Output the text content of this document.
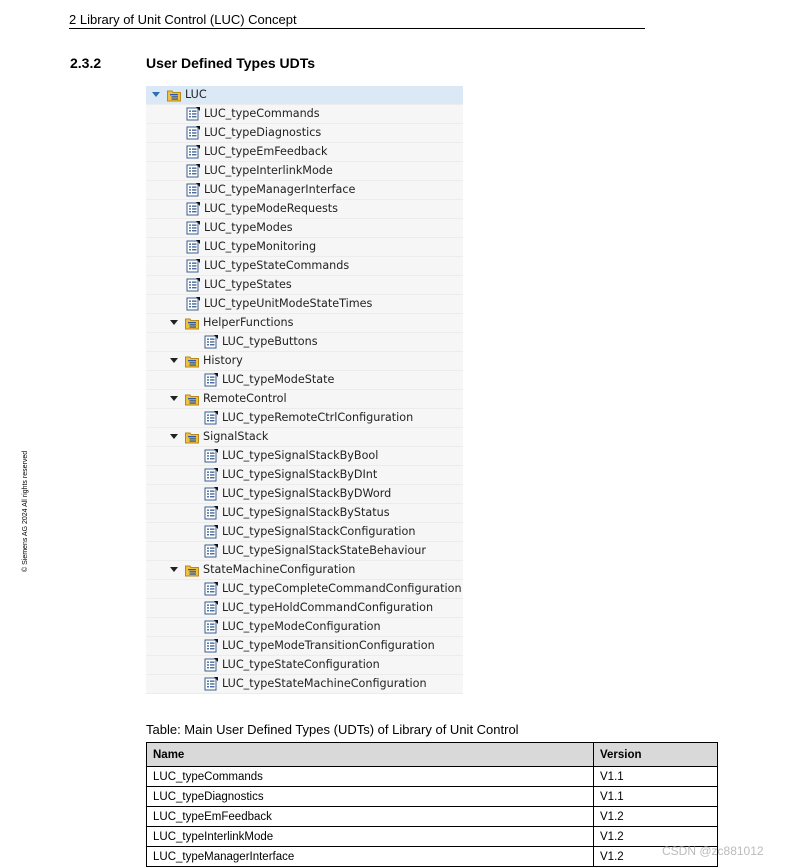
2 Library of Unit Control (LUC) Concept
2.3.2	User Defined Types UDTs
© Siemens AG 2024 All rights reserved
LUC
LUC_typeCommands
LUC_typeDiagnostics
LUC_typeEmFeedback
LUC_typeInterlinkMode
LUC_typeManagerInterface
LUC_typeModeRequests
LUC_typeModes
LUC_typeMonitoring
LUC_typeStateCommands
LUC_typeStates
LUC_typeUnitModeStateTimes
HelperFunctions
LUC_typeButtons
History
LUC_typeModeState
RemoteControl
LUC_typeRemoteCtrlConfiguration
SignalStack
LUC_typeSignalStackByBool
LUC_typeSignalStackByDInt
LUC_typeSignalStackByDWord
LUC_typeSignalStackByStatus
LUC_typeSignalStackConfiguration
LUC_typeSignalStackStateBehaviour
StateMachineConfiguration
LUC_typeCompleteCommandConfiguration
LUC_typeHoldCommandConfiguration
LUC_typeModeConfiguration
LUC_typeModeTransitionConfiguration
LUC_typeStateConfiguration
LUC_typeStateMachineConfiguration
Table: Main User Defined Types (UDTs) of Library of Unit Control
Name	Version
LUC_typeCommands	V1.1
LUC_typeDiagnostics	V1.1
LUC_typeEmFeedback	V1.2
LUC_typeInterlinkMode	V1.2
LUC_typeManagerInterface	V1.2	CSDN @zc881012
